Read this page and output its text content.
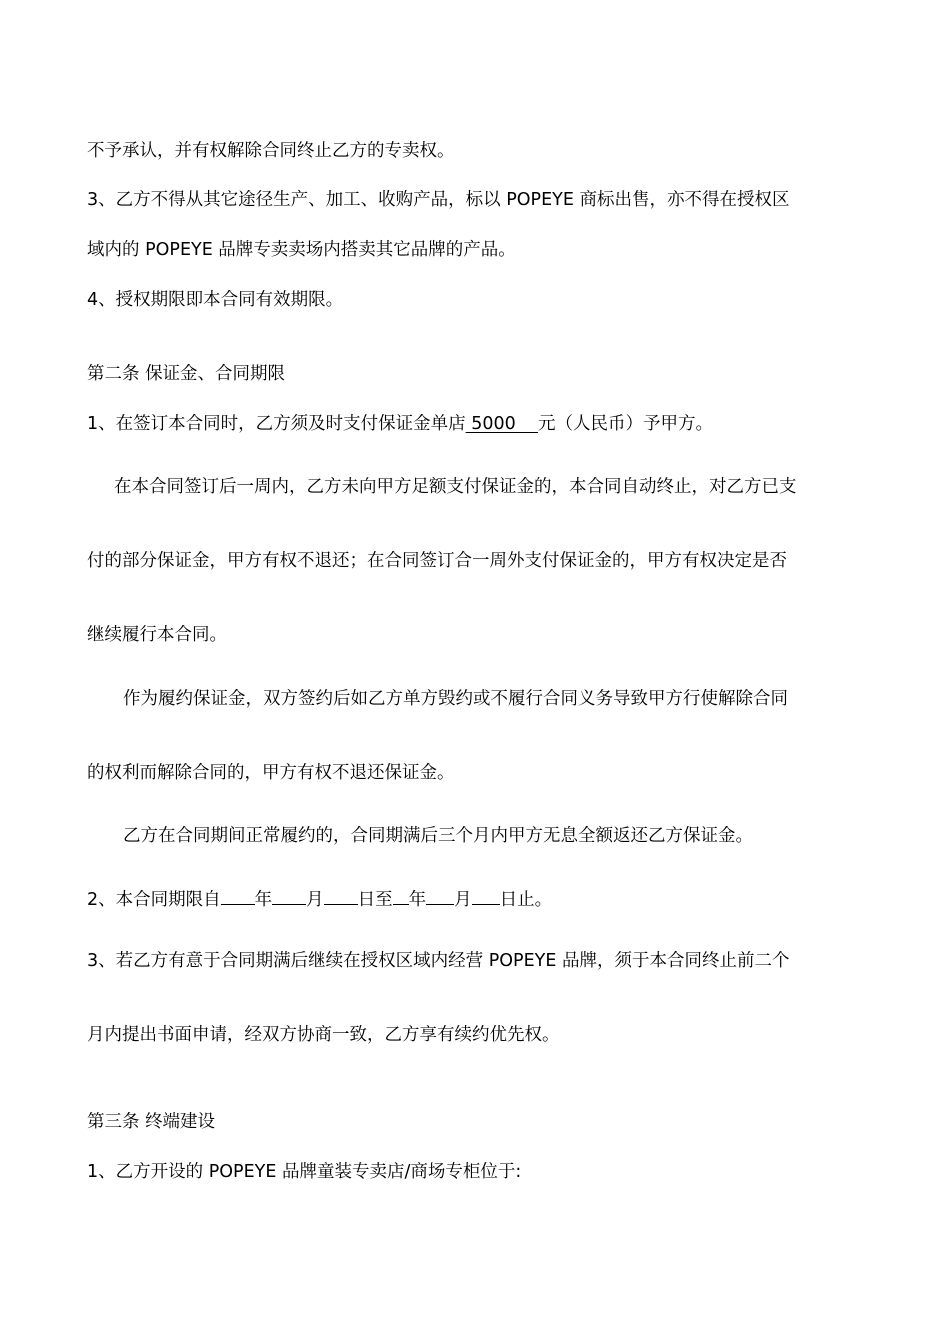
不予承认，并有权解除合同终止乙方的专卖权。

3、乙方不得从其它途径生产、加工、收购产品，标以 POPEYE 商标出售，亦不得在授权区

域内的 POPEYE 品牌专卖卖场内搭卖其它品牌的产品。

4、授权期限即本合同有效期限。

第二条 保证金、合同期限

1、在签订本合同时，乙方须及时支付保证金单店 5000    元（人民币）予甲方。

在本合同签订后一周内，乙方未向甲方足额支付保证金的，本合同自动终止，对乙方已支

付的部分保证金，甲方有权不退还；在合同签订合一周外支付保证金的，甲方有权决定是否

继续履行本合同。

作为履约保证金，双方签约后如乙方单方毁约或不履行合同义务导致甲方行使解除合同

的权利而解除合同的，甲方有权不退还保证金。

乙方在合同期间正常履约的，合同期满后三个月内甲方无息全额返还乙方保证金。

2、本合同期限自 年 月 日至 年 月 日止。

3、若乙方有意于合同期满后继续在授权区域内经营 POPEYE 品牌，须于本合同终止前二个

月内提出书面申请，经双方协商一致，乙方享有续约优先权。

第三条 终端建设

1、乙方开设的 POPEYE 品牌童装专卖店/商场专柜位于:
